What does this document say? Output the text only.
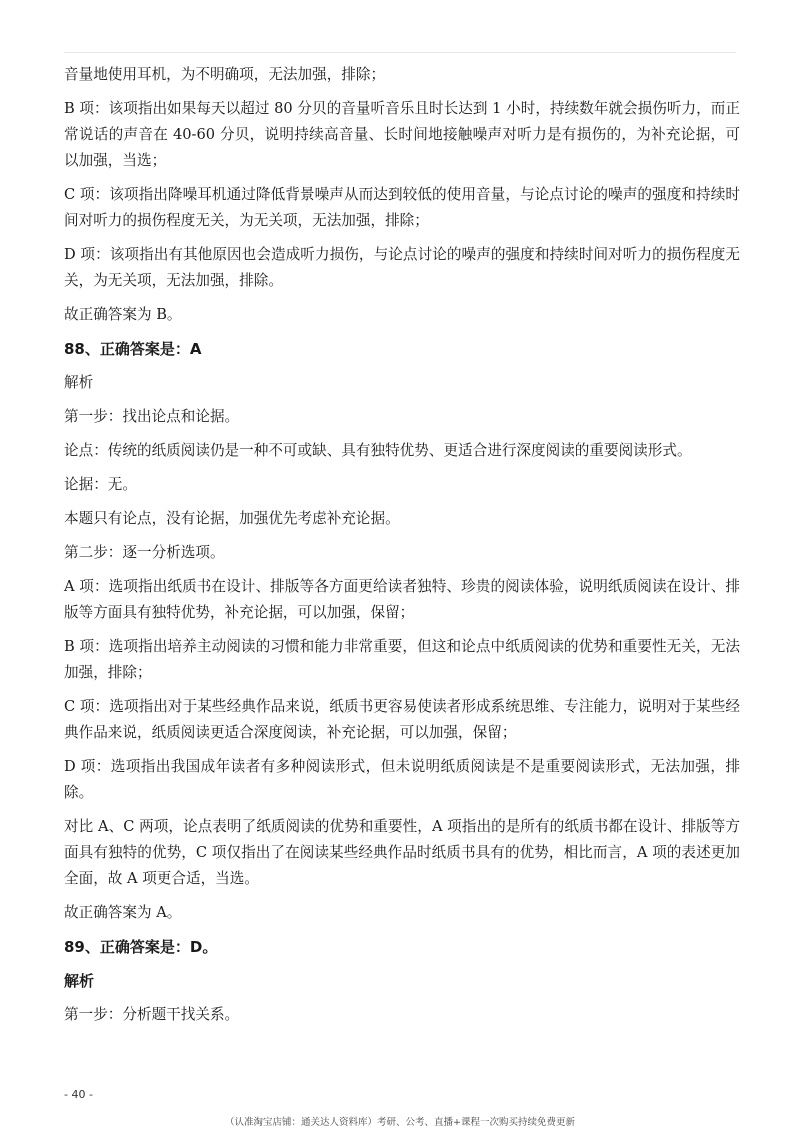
音量地使用耳机，为不明确项，无法加强，排除；

B 项：该项指出如果每天以超过 80 分贝的音量听音乐且时长达到 1 小时，持续数年就会损伤听力，而正常说话的声音在 40-60 分贝，说明持续高音量、长时间地接触噪声对听力是有损伤的，为补充论据，可以加强，当选；

C 项：该项指出降噪耳机通过降低背景噪声从而达到较低的使用音量，与论点讨论的噪声的强度和持续时间对听力的损伤程度无关，为无关项，无法加强，排除；

D 项：该项指出有其他原因也会造成听力损伤，与论点讨论的噪声的强度和持续时间对听力的损伤程度无关，为无关项，无法加强，排除。

故正确答案为 B。

88、正确答案是：A

解析

第一步：找出论点和论据。

论点：传统的纸质阅读仍是一种不可或缺、具有独特优势、更适合进行深度阅读的重要阅读形式。

论据：无。

本题只有论点，没有论据，加强优先考虑补充论据。

第二步：逐一分析选项。

A 项：选项指出纸质书在设计、排版等各方面更给读者独特、珍贵的阅读体验，说明纸质阅读在设计、排版等方面具有独特优势，补充论据，可以加强，保留；

B 项：选项指出培养主动阅读的习惯和能力非常重要，但这和论点中纸质阅读的优势和重要性无关，无法加强，排除；

C 项：选项指出对于某些经典作品来说，纸质书更容易使读者形成系统思维、专注能力，说明对于某些经典作品来说，纸质阅读更适合深度阅读，补充论据，可以加强，保留；

D 项：选项指出我国成年读者有多种阅读形式，但未说明纸质阅读是不是重要阅读形式，无法加强，排除。

对比 A、C 两项，论点表明了纸质阅读的优势和重要性，A 项指出的是所有的纸质书都在设计、排版等方面具有独特的优势，C 项仅指出了在阅读某些经典作品时纸质书具有的优势，相比而言，A 项的表述更加全面，故 A 项更合适，当选。

故正确答案为 A。

89、正确答案是：D。

解析

第一步：分析题干找关系。

- 40 -
（认准淘宝店铺：通关达人资料库）考研、公考、直播+课程一次购买持续免费更新
